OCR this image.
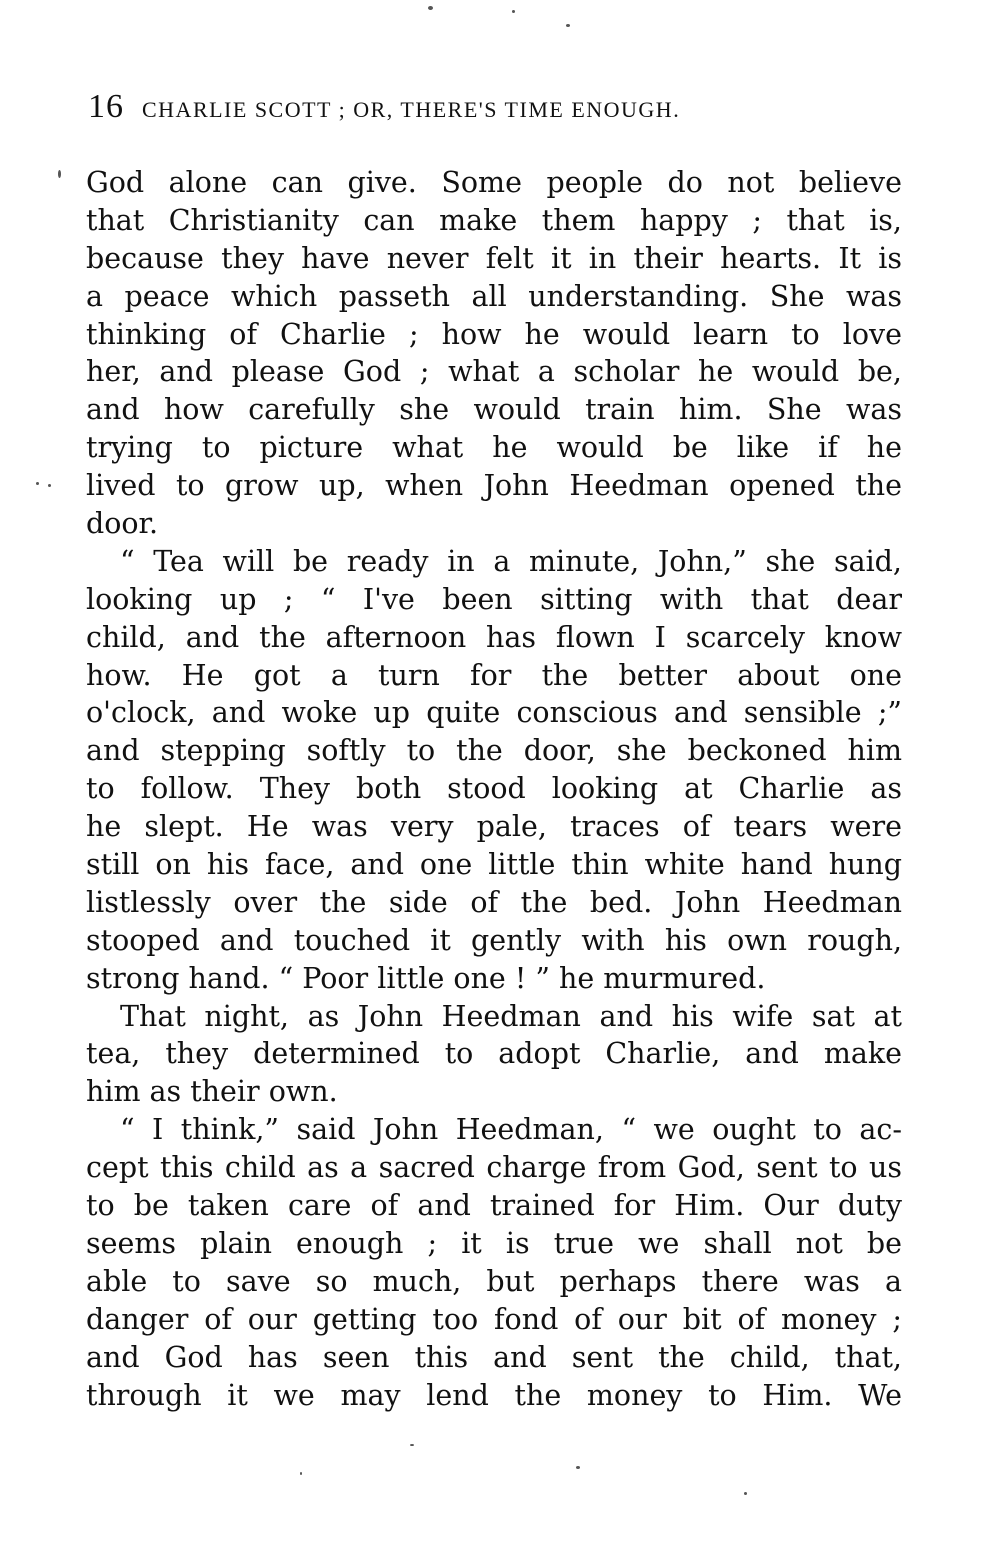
16 CHARLIE SCOTT ; OR, THERE'S TIME ENOUGH.
God alone can give. Some people do not believe
that Christianity can make them happy ; that is,
because they have never felt it in their hearts. It is
a peace which passeth all understanding. She was
thinking of Charlie ; how he would learn to love
her, and please God ; what a scholar he would be,
and how carefully she would train him. She was
trying to picture what he would be like if he
lived to grow up, when John Heedman opened the
door.
“ Tea will be ready in a minute, John,” she said,
looking up ; “ I've been sitting with that dear
child, and the afternoon has flown I scarcely know
how. He got a turn for the better about one
o'clock, and woke up quite conscious and sensible ;”
and stepping softly to the door, she beckoned him
to follow. They both stood looking at Charlie as
he slept. He was very pale, traces of tears were
still on his face, and one little thin white hand hung
listlessly over the side of the bed. John Heedman
stooped and touched it gently with his own rough,
strong hand. “ Poor little one ! ” he murmured.
That night, as John Heedman and his wife sat at
tea, they determined to adopt Charlie, and make
him as their own.
“ I think,” said John Heedman, “ we ought to ac-
cept this child as a sacred charge from God, sent to us
to be taken care of and trained for Him. Our duty
seems plain enough ; it is true we shall not be
able to save so much, but perhaps there was a
danger of our getting too fond of our bit of money ;
and God has seen this and sent the child, that,
through it we may lend the money to Him. We
